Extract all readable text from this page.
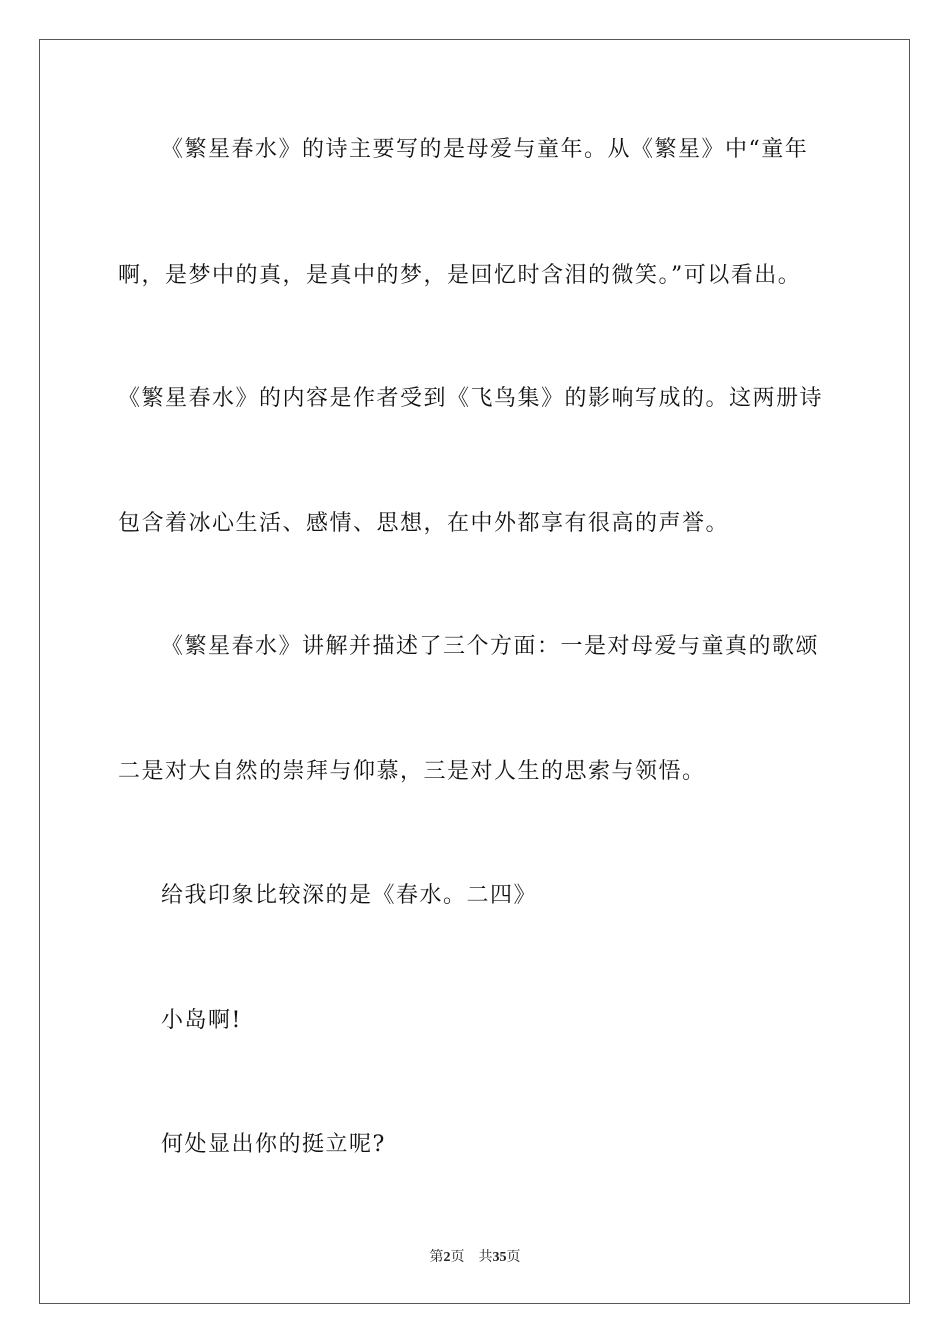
《繁星春水》的诗主要写的是母爱与童年。从《繁星》中“童年
啊，是梦中的真，是真中的梦，是回忆时含泪的微笑。”可以看出。
《繁星春水》的内容是作者受到《飞鸟集》的影响写成的。这两册诗
包含着冰心生活、感情、思想，在中外都享有很高的声誉。
《繁星春水》讲解并描述了三个方面：一是对母爱与童真的歌颂
二是对大自然的崇拜与仰慕，三是对人生的思索与领悟。
给我印象比较深的是《春水。二四》
小岛啊!
何处显出你的挺立呢?
第2页 共35页
